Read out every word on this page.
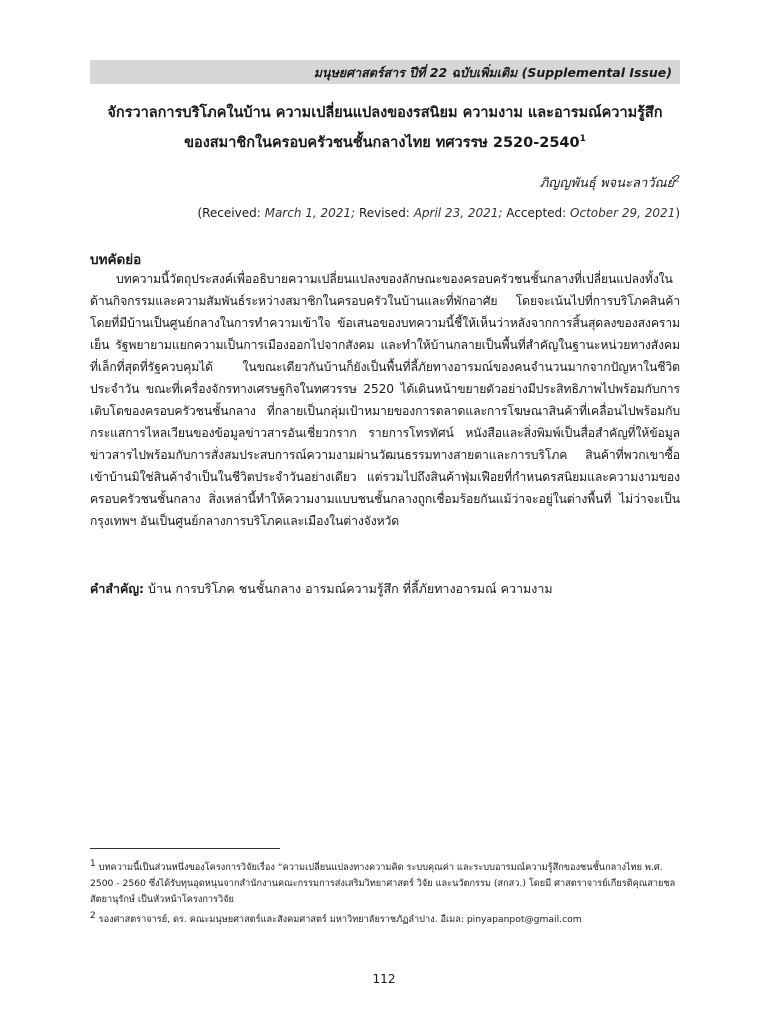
มนุษยศาสตร์สาร ปีที่ 22 ฉบับเพิ่มเติม (Supplemental Issue)
จักรวาลการบริโภคในบ้าน ความเปลี่ยนแปลงของรสนิยม ความงาม และอารมณ์ความรู้สึก
ของสมาชิกในครอบครัวชนชั้นกลางไทย ทศวรรษ 2520-2540$^1$
ภิญญพันธุ์ พจนะลาวัณย์$^2$
(Received: March 1, 2021; Revised: April 23, 2021; Accepted: October 29, 2021)
บทคัดย่อ

บทความนี้วัตถุประสงค์เพื่ออธิบายความเปลี่ยนแปลงของลักษณะของครอบครัวชนชั้นกลางที่เปลี่ยนแปลงทั้งในด้านกิจกรรมและความสัมพันธ์ระหว่างสมาชิกในครอบครัวในบ้านและที่พักอาศัย โดยจะเน้นไปที่การบริโภคสินค้าโดยที่มีบ้านเป็นศูนย์กลางในการทำความเข้าใจ ข้อเสนอของบทความนี้ชี้ให้เห็นว่าหลังจากการสิ้นสุดลงของสงครามเย็น รัฐพยายามแยกความเป็นการเมืองออกไปจากสังคม และทำให้บ้านกลายเป็นพื้นที่สำคัญในฐานะหน่วยทางสังคมที่เล็กที่สุดที่รัฐควบคุมได้ ในขณะเดียวกันบ้านก็ยังเป็นพื้นที่ลี้ภัยทางอารมณ์ของคนจำนวนมากจากปัญหาในชีวิตประจำวัน ขณะที่เครื่องจักรทางเศรษฐกิจในทศวรรษ 2520 ได้เดินหน้าขยายตัวอย่างมีประสิทธิภาพไปพร้อมกับการเติบโตของครอบครัวชนชั้นกลาง ที่กลายเป็นกลุ่มเป้าหมายของการตลาดและการโฆษณาสินค้าที่เคลื่อนไปพร้อมกับกระแสการไหลเวียนของข้อมูลข่าวสารอันเชี่ยวกราก รายการโทรทัศน์ หนังสือและสิ่งพิมพ์เป็นสื่อสำคัญที่ให้ข้อมูลข่าวสารไปพร้อมกับการสั่งสมประสบการณ์ความงามผ่านวัฒนธรรมทางสายตาและการบริโภค สินค้าที่พวกเขาซื้อเข้าบ้านมิใช่สินค้าจำเป็นในชีวิตประจำวันอย่างเดียว แต่รวมไปถึงสินค้าฟุ่มเฟือยที่กำหนดรสนิยมและความงามของครอบครัวชนชั้นกลาง สิ่งเหล่านี้ทำให้ความงามแบบชนชั้นกลางถูกเชื่อมร้อยกันแม้ว่าจะอยู่ในต่างพื้นที่ ไม่ว่าจะเป็นกรุงเทพฯ อันเป็นศูนย์กลางการบริโภคและเมืองในต่างจังหวัด

คำสำคัญ: บ้าน การบริโภค ชนชั้นกลาง อารมณ์ความรู้สึก ที่ลี้ภัยทางอารมณ์ ความงาม

$^1$ บทความนี้เป็นส่วนหนึ่งของโครงการวิจัยเรื่อง “ความเปลี่ยนแปลงทางความคิด ระบบคุณค่า และระบบอารมณ์ความรู้สึกของชนชั้นกลางไทย พ.ศ. 2500 - 2560 ซึ่งได้รับทุนอุดหนุนจากสำนักงานคณะกรรมการส่งเสริมวิทยาศาสตร์ วิจัย และนวัตกรรม (สกสว.) โดยมี ศาสตราจารย์เกียรติคุณสายชล สัตยานุรักษ์ เป็นหัวหน้าโครงการวิจัย

$^2$ รองศาสตราจารย์, ดร. คณะมนุษยศาสตร์และสังคมศาสตร์ มหาวิทยาลัยราชภัฏลำปาง. อีเมล: pinyapanpot@gmail.com

112
